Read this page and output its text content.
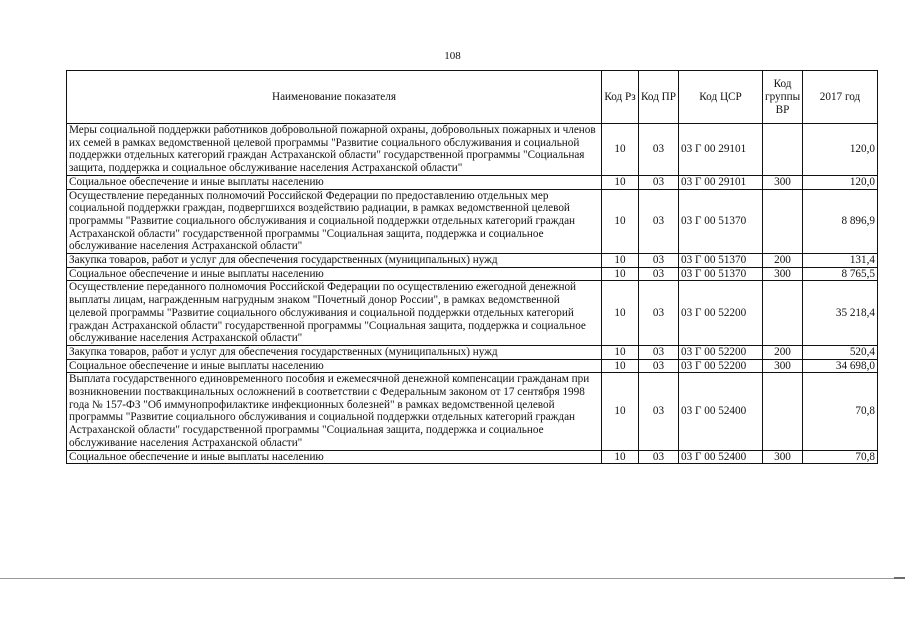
108
Наименование показателя	Код Рз	Код ПР	Код ЦСР	Код группы ВР	2017 год
Меры социальной поддержки работников добровольной пожарной охраны, добровольных пожарных и членов их семей в рамках ведомственной целевой программы "Развитие социального обслуживания и социальной поддержки отдельных категорий граждан Астраханской области" государственной программы "Социальная защита, поддержка и социальное обслуживание населения Астраханской области"	10	03	03 Г 00 29101		120,0
Социальное обеспечение и иные выплаты населению	10	03	03 Г 00 29101	300	120,0
Осуществление переданных полномочий Российской Федерации по предоставлению отдельных мер социальной поддержки граждан, подвергшихся воздействию радиации, в рамках ведомственной целевой программы "Развитие социального обслуживания и социальной поддержки отдельных категорий граждан Астраханской области" государственной программы "Социальная защита, поддержка и социальное обслуживание населения Астраханской области"	10	03	03 Г 00 51370		8 896,9
Закупка товаров, работ и услуг для обеспечения государственных (муниципальных) нужд	10	03	03 Г 00 51370	200	131,4
Социальное обеспечение и иные выплаты населению	10	03	03 Г 00 51370	300	8 765,5
Осуществление переданного полномочия Российской Федерации по осуществлению ежегодной денежной выплаты лицам, награжденным нагрудным знаком "Почетный донор России", в рамках ведомственной целевой программы "Развитие социального обслуживания и социальной поддержки отдельных категорий граждан Астраханской области" государственной программы "Социальная защита, поддержка и социальное обслуживание населения Астраханской области"	10	03	03 Г 00 52200		35 218,4
Закупка товаров, работ и услуг для обеспечения государственных (муниципальных) нужд	10	03	03 Г 00 52200	200	520,4
Социальное обеспечение и иные выплаты населению	10	03	03 Г 00 52200	300	34 698,0
Выплата государственного единовременного пособия и ежемесячной денежной компенсации гражданам при возникновении поствакцинальных осложнений в соответствии с Федеральным законом от 17 сентября 1998 года № 157-ФЗ "Об иммунопрофилактике инфекционных болезней" в рамках ведомственной целевой программы "Развитие социального обслуживания и социальной поддержки отдельных категорий граждан Астраханской области" государственной программы "Социальная защита, поддержка и социальное обслуживание населения Астраханской области"	10	03	03 Г 00 52400		70,8
Социальное обеспечение и иные выплаты населению	10	03	03 Г 00 52400	300	70,8
